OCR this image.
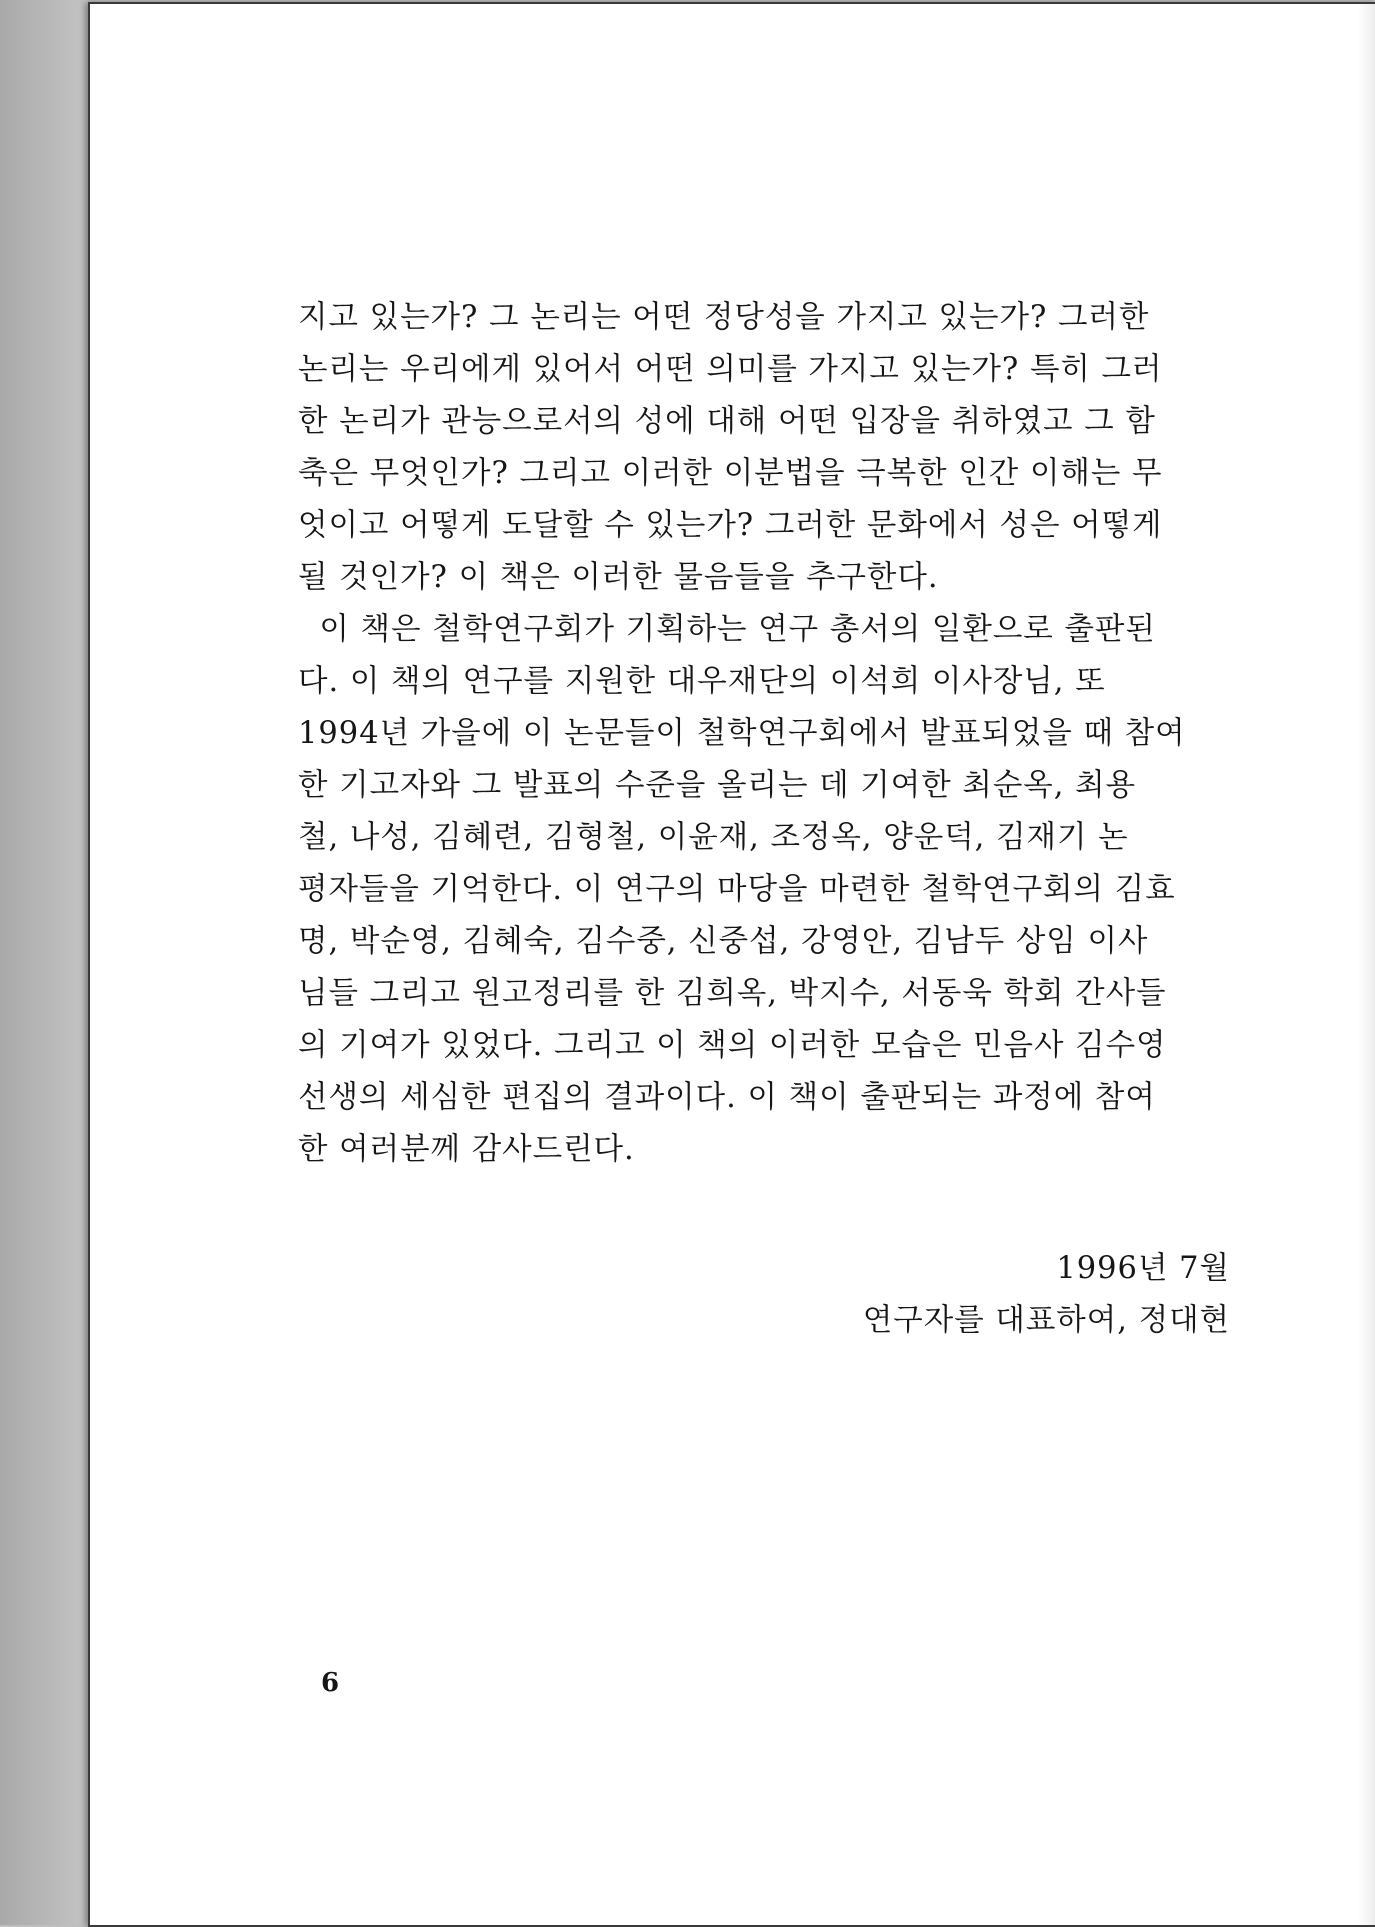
지고 있는가? 그 논리는 어떤 정당성을 가지고 있는가? 그러한
논리는 우리에게 있어서 어떤 의미를 가지고 있는가? 특히 그러
한 논리가 관능으로서의 성에 대해 어떤 입장을 취하였고 그 함
축은 무엇인가? 그리고 이러한 이분법을 극복한 인간 이해는 무
엇이고 어떻게 도달할 수 있는가? 그러한 문화에서 성은 어떻게
될 것인가? 이 책은 이러한 물음들을 추구한다.
이 책은 철학연구회가 기획하는 연구 총서의 일환으로 출판된
다. 이 책의 연구를 지원한 대우재단의 이석희 이사장님, 또
1994년 가을에 이 논문들이 철학연구회에서 발표되었을 때 참여
한 기고자와 그 발표의 수준을 올리는 데 기여한 최순옥, 최용
철, 나성, 김혜련, 김형철, 이윤재, 조정옥, 양운덕, 김재기 논
평자들을 기억한다. 이 연구의 마당을 마련한 철학연구회의 김효
명, 박순영, 김혜숙, 김수중, 신중섭, 강영안, 김남두 상임 이사
님들 그리고 원고정리를 한 김희옥, 박지수, 서동욱 학회 간사들
의 기여가 있었다. 그리고 이 책의 이러한 모습은 민음사 김수영
선생의 세심한 편집의 결과이다. 이 책이 출판되는 과정에 참여
한 여러분께 감사드린다.
1996년 7월
연구자를 대표하여, 정대현
6
